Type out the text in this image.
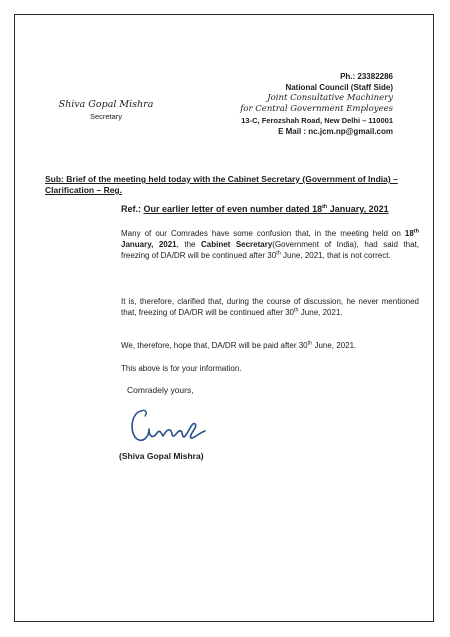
Shiva Gopal Mishra
Secretary
Ph.: 23382286
National Council (Staff Side)
Joint Consultative Machinery
for Central Government Employees
13-C, Ferozshah Road, New Delhi – 110001
E Mail : nc.jcm.np@gmail.com
Sub: Brief of the meeting held today with the Cabinet Secretary (Government of India) – Clarification – Reg.
Ref.: Our earlier letter of even number dated 18th January, 2021
Many of our Comrades have some confusion that, in the meeting held on 18th January, 2021, the Cabinet Secretary(Government of India), had said that, freezing of DA/DR will be continued after 30th June, 2021, that is not correct.
It is, therefore, clarified that, during the course of discussion, he never mentioned that, freezing of DA/DR will be continued after 30th June, 2021.
We, therefore, hope that, DA/DR will be paid after 30th June, 2021.
This above is for your information.
Comradely yours,
(Shiva Gopal Mishra)
